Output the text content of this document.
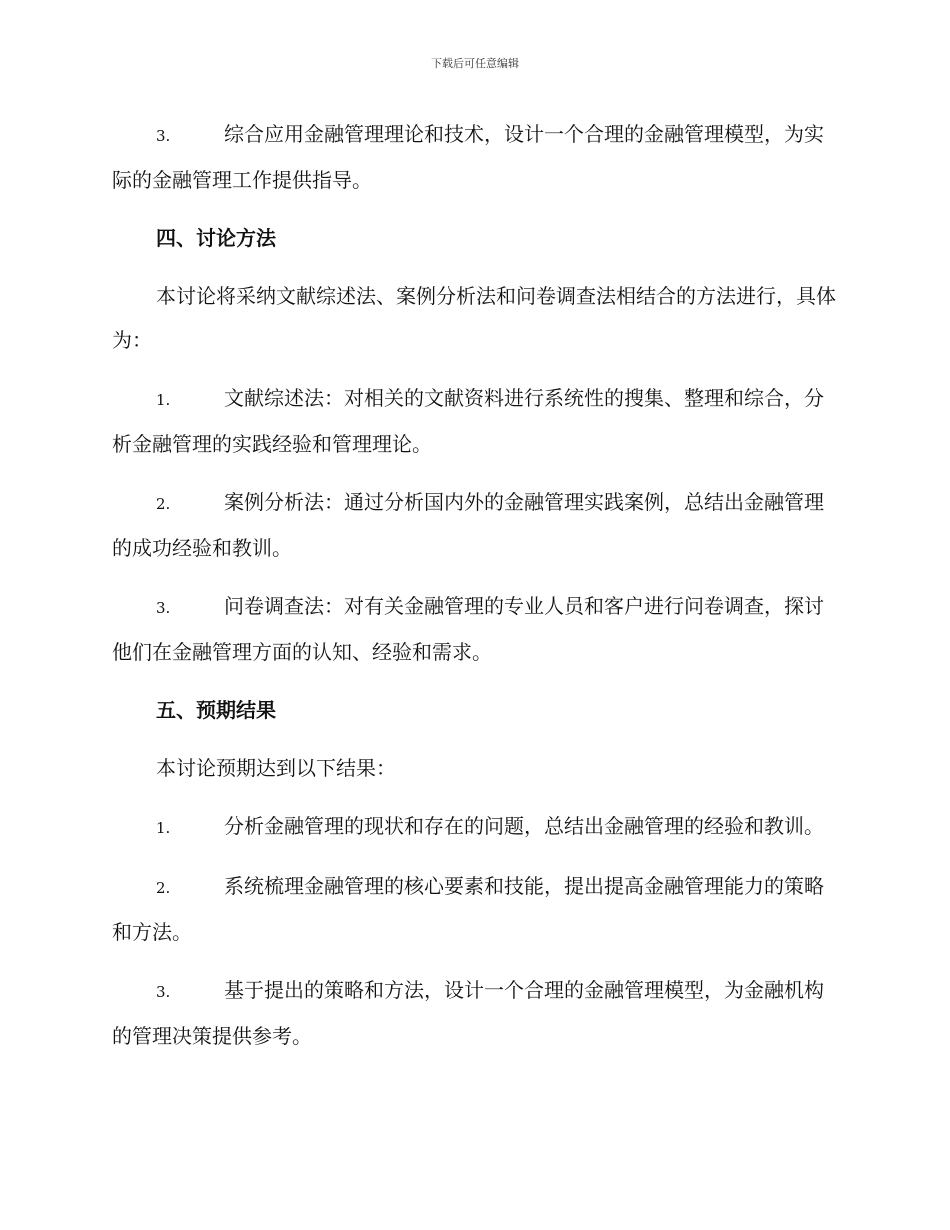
下载后可任意编辑

3.	综合应用金融管理理论和技术，设计一个合理的金融管理模型，为实际的金融管理工作提供指导。

四、讨论方法

本讨论将采纳文献综述法、案例分析法和问卷调查法相结合的方法进行，具体为：

1.	文献综述法：对相关的文献资料进行系统性的搜集、整理和综合，分析金融管理的实践经验和管理理论。

2.	案例分析法：通过分析国内外的金融管理实践案例，总结出金融管理的成功经验和教训。

3.	问卷调查法：对有关金融管理的专业人员和客户进行问卷调查，探讨他们在金融管理方面的认知、经验和需求。

五、预期结果

本讨论预期达到以下结果：

1.	分析金融管理的现状和存在的问题，总结出金融管理的经验和教训。

2.	系统梳理金融管理的核心要素和技能，提出提高金融管理能力的策略和方法。

3.	基于提出的策略和方法，设计一个合理的金融管理模型，为金融机构的管理决策提供参考。
